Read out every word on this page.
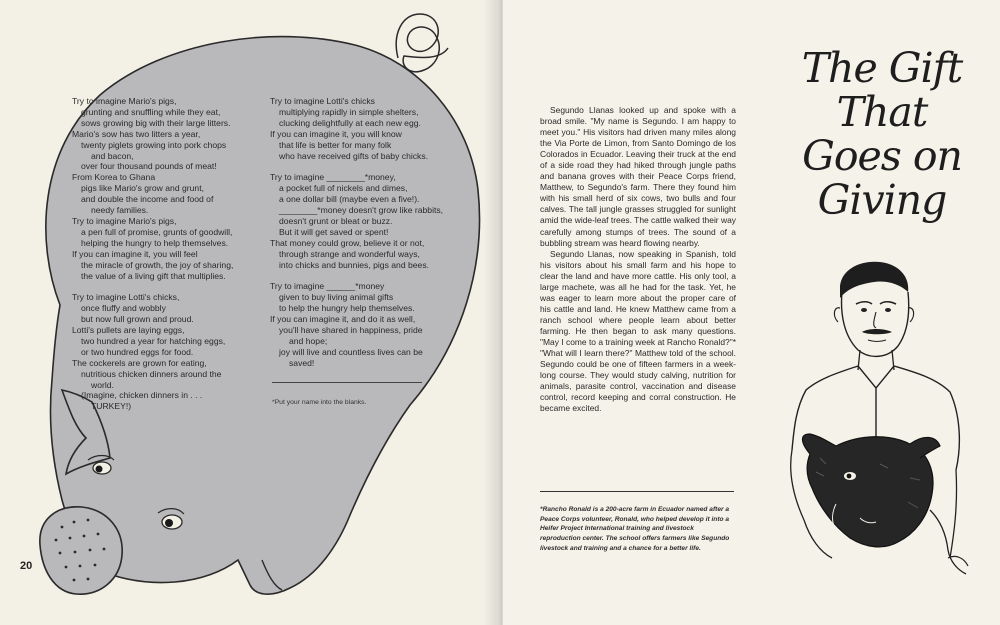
Try to imagine Mario's pigs,
grunting and snuffling while they eat,
sows growing big with their large litters.
Mario's sow has two litters a year,
twenty piglets growing into pork chops
and bacon,
over four thousand pounds of meat!
From Korea to Ghana
pigs like Mario's grow and grunt,
and double the income and food of
needy families.
Try to imagine Mario's pigs,
a pen full of promise, grunts of goodwill,
helping the hungry to help themselves.
If you can imagine it, you will feel
the miracle of growth, the joy of sharing,
the value of a living gift that multiplies.

Try to imagine Lotti's chicks,
once fluffy and wobbly
but now full grown and proud.
Lotti's pullets are laying eggs,
two hundred a year for hatching eggs,
or two hundred eggs for food.
The cockerels are grown for eating,
nutritious chicken dinners around the
world.
(Imagine, chicken dinners in . . .
TURKEY!)
Try to imagine Lotti's chicks
multiplying rapidly in simple shelters,
clucking delightfully at each new egg.
If you can imagine it, you will know
that life is better for many folk
who have received gifts of baby chicks.

Try to imagine ________*money,
a pocket full of nickels and dimes,
a one dollar bill (maybe even a five!).
________*money doesn't grow like rabbits,
doesn't grunt or bleat or buzz.
But it will get saved or spent!
That money could grow, believe it or not,
through strange and wonderful ways,
into chicks and bunnies, pigs and bees.

Try to imagine ______*money
given to buy living animal gifts
to help the hungry help themselves.
If you can imagine it, and do it as well,
you'll have shared in happiness, pride
and hope;
joy will live and countless lives can be
saved!
*Put your name into the blanks.
20

Segundo Llanas looked up and spoke with a broad smile. "My name is Segundo. I am happy to meet you." His visitors had driven many miles along the Via Porte de Limon, from Santo Domingo de los Colorados in Ecuador. Leaving their truck at the end of a side road they had hiked through jungle paths and banana groves with their Peace Corps friend, Matthew, to Segundo's farm. There they found him with his small herd of six cows, two bulls and four calves. The tall jungle grasses struggled for sunlight amid the wide-leaf trees. The cattle walked their way carefully among stumps of trees. The sound of a bubbling stream was heard flowing nearby.

Segundo Llanas, now speaking in Spanish, told his visitors about his small farm and his hope to clear the land and have more cattle. His only tool, a large machete, was all he had for the task. Yet, he was eager to learn more about the proper care of his cattle and land. He knew Matthew came from a ranch school where people learn about better farming. He then began to ask many questions. "May I come to a training week at Rancho Ronald?"* "What will I learn there?" Matthew told of the school. Segundo could be one of fifteen farmers in a week-long course. They would study calving, nutrition for animals, parasite control, vaccination and disease control, record keeping and corral construction. He became excited.

*Rancho Ronald is a 200-acre farm in Ecuador named after a Peace Corps volunteer, Ronald, who helped develop it into a Heifer Project International training and livestock reproduction center. The school offers farmers like Segundo livestock and training and a chance for a better life.
The Gift
That
Goes on
Giving
